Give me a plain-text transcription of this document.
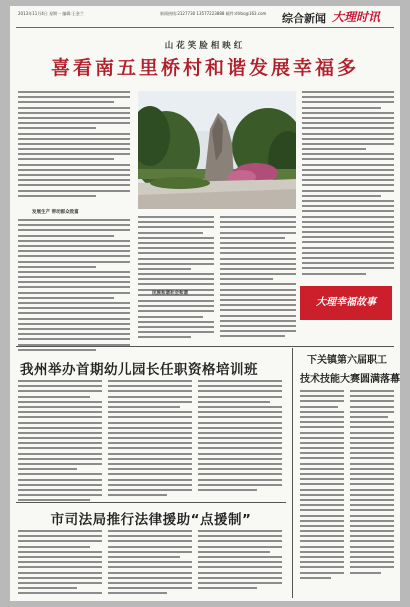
2013年11月4日 星期一 编辑:王金兰	新闻热线:2127730 13577223888 邮件:dlrbs@163.com 综合新闻 大理时讯
山花笑脸相映红
喜看南五里桥村和谐发展幸福多
发展生产 带动群众致富
民族和谐社会和谐
大理幸福故事
我州举办首期幼儿园长任职资格培训班
下关镇第六届职工
技术技能大赛圆满落幕
市司法局推行法律援助“点援制”
